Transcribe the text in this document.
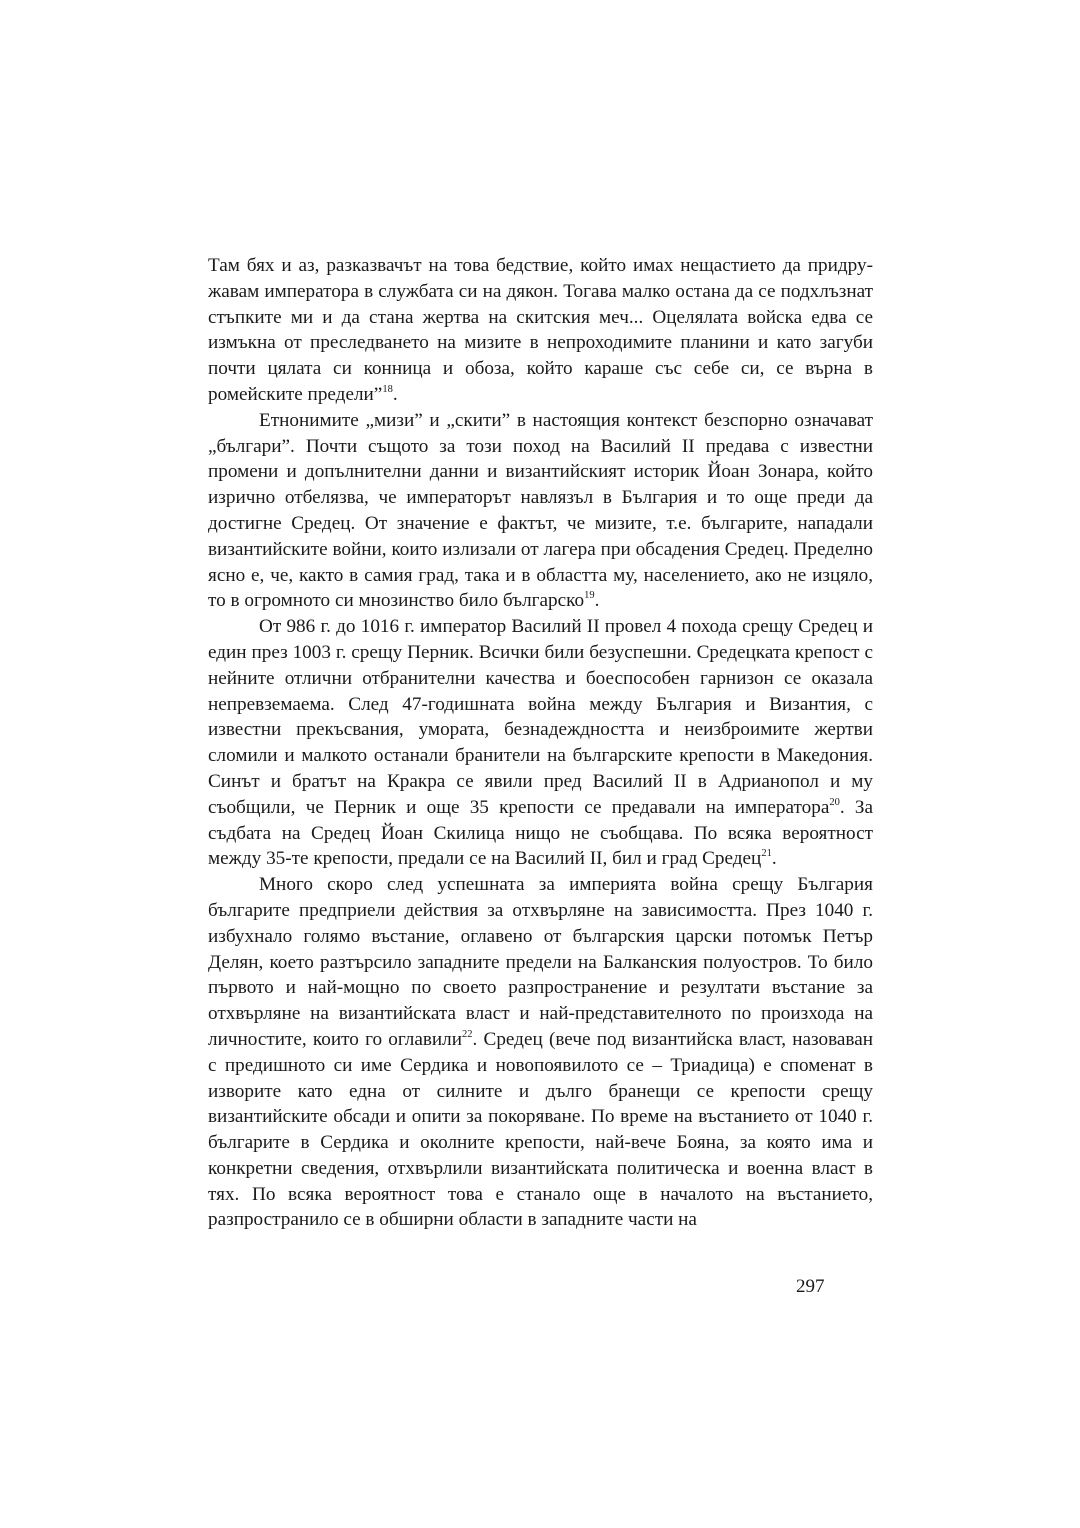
Там бях и аз, разказвачът на това бедствие, който имах нещастието да придружавам императора в службата си на дякон. Тогава малко остана да се подхлъзнат стъпките ми и да стана жертва на скитския меч... Оцелялата войска едва се измъкна от преследването на мизите в непроходимите планини и като загуби почти цялата си конница и обоза, който караше със себе си, се върна в ромейските предели”$^{18}$.

Етнонимите „мизи” и „скити” в настоящия контекст безспорно означават „българи”. Почти същото за този поход на Василий II предава с известни промени и допълнителни данни и византийският историк Йоан Зонара, който изрично отбелязва, че императорът навлязъл в България и то още преди да достигне Средец. От значение е фактът, че мизите, т.е. българите, нападали византийските войни, които излизали от лагера при обсадения Средец. Пределно ясно е, че, както в самия град, така и в областта му, населението, ако не изцяло, то в огромното си мнозинство било българско$^{19}$.

От 986 г. до 1016 г. император Василий II провел 4 похода срещу Средец и един през 1003 г. срещу Перник. Всички били безуспешни. Средецката крепост с нейните отлични отбранителни качества и боеспособен гарнизон се оказала непревземаема. След 47-годишната война между България и Византия, с известни прекъсвания, умората, безнадеждността и неизброимите жертви сломили и малкото останали бранители на българските крепости в Македония. Синът и братът на Кракра се явили пред Василий II в Адрианопол и му съобщили, че Перник и още 35 крепости се предавали на императора$^{20}$. За съдбата на Средец Йоан Скилица нищо не съобщава. По всяка вероятност между 35-те крепости, предали се на Василий II, бил и град Средец$^{21}$.

Много скоро след успешната за империята война срещу България българите предприели действия за отхвърляне на зависимостта. През 1040 г. избухнало голямо въстание, оглавено от българския царски потомък Петър Делян, което разтърсило западните предели на Балканския полуостров. То било първото и най-мощно по своето разпространение и резултати въстание за отхвърляне на византийската власт и най-представителното по произхода на личностите, които го оглавили$^{22}$. Средец (вече под византийска власт, назоваван с предишното си име Сердика и новопоявилото се – Триадица) е споменат в изворите като една от силните и дълго бранещи се крепости срещу византийските обсади и опити за покоряване. По време на въстанието от 1040 г. българите в Сердика и околните крепости, най-вече Бояна, за която има и конкретни сведения, отхвърлили византийската политическа и военна власт в тях. По всяка вероятност това е станало още в началото на въстанието, разпространило се в обширни области в западните части на

297
